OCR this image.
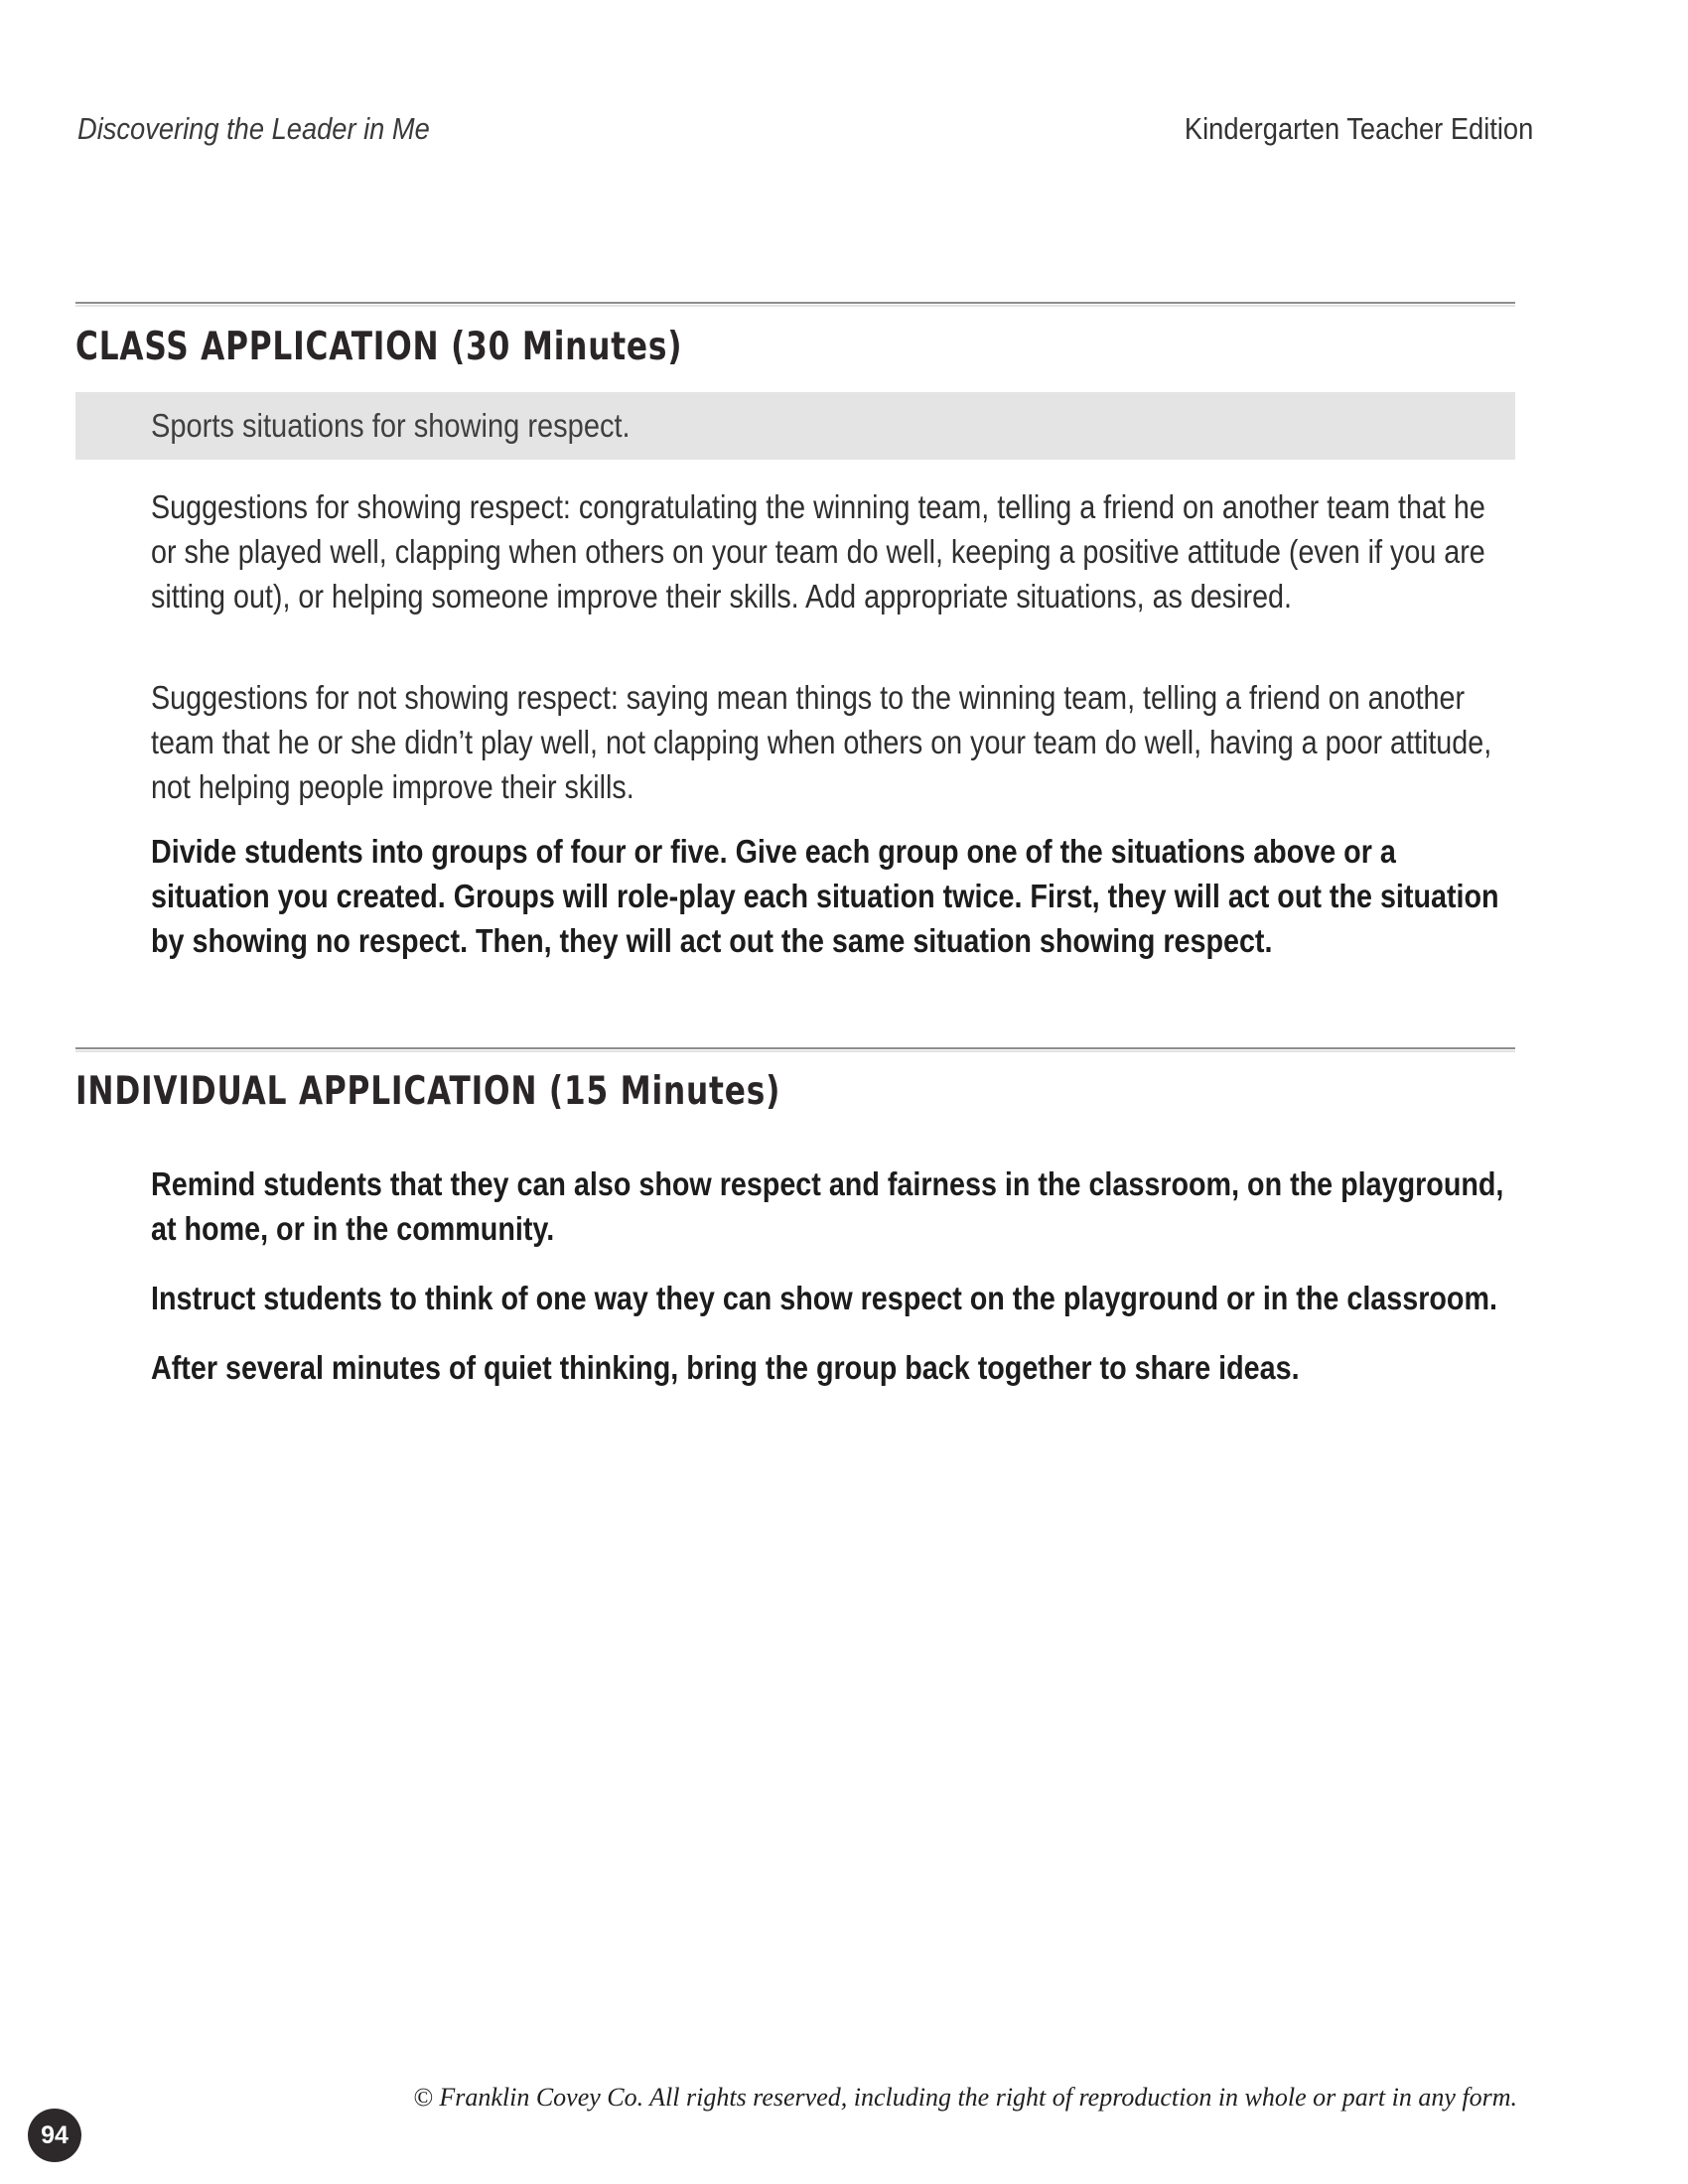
Discovering the Leader in Me	Kindergarten Teacher Edition
CLASS APPLICATION (30 Minutes)
Sports situations for showing respect.
Suggestions for showing respect: congratulating the winning team, telling a friend on another team that he or she played well, clapping when others on your team do well, keeping a positive attitude (even if you are sitting out), or helping someone improve their skills. Add appropriate situations, as desired.
Suggestions for not showing respect: saying mean things to the winning team, telling a friend on another team that he or she didn’t play well, not clapping when others on your team do well, having a poor attitude, not helping people improve their skills.
Divide students into groups of four or five. Give each group one of the situations above or a situation you created. Groups will role-play each situation twice. First, they will act out the situation by showing no respect. Then, they will act out the same situation showing respect.
INDIVIDUAL APPLICATION (15 Minutes)
Remind students that they can also show respect and fairness in the classroom, on the playground, at home, or in the community.
Instruct students to think of one way they can show respect on the playground or in the classroom.
After several minutes of quiet thinking, bring the group back together to share ideas.
© Franklin Covey Co. All rights reserved, including the right of reproduction in whole or part in any form.
94
